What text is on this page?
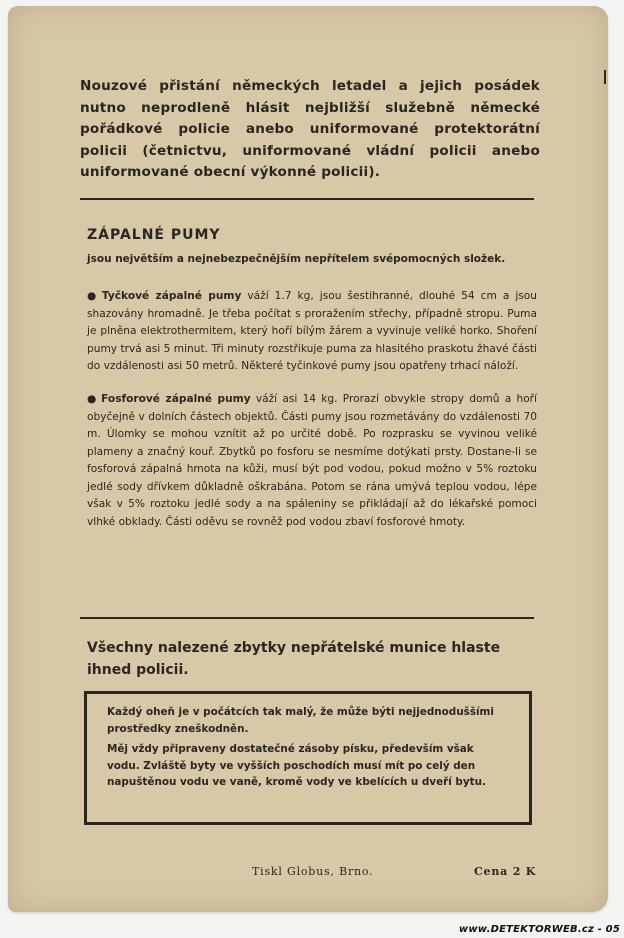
Nouzové přistání německých letadel a jejich posádek nutno neprodleně hlásit nejbližší služebně německé pořádkové policie anebo uniformované protektorátní policii (četnictvu, uniformované vládní policii anebo uniformované obecní výkonné policii).
ZÁPALNÉ PUMY
jsou největším a nejnebezpečnějším nepřítelem svépomocných složek.
● Tyčkové zápalné pumy váží 1.7 kg, jsou šestihranné, dlouhé 54 cm a jsou shazovány hromadně. Je třeba počítat s proražením střechy, případně stropu. Puma je plněna elektrothermitem, který hoří bílým žárem a vyvinuje veliké horko. Shoření pumy trvá asi 5 minut. Tři minuty rozstřikuje puma za hlasitého praskotu žhavé části do vzdálenosti asi 50 metrů. Některé tyčinkové pumy jsou opatřeny trhací náloží.
● Fosforové zápalné pumy váží asi 14 kg. Prorazí obvykle stropy domů a hoří obyčejně v dolních částech objektů. Části pumy jsou rozmetávány do vzdálenosti 70 m. Úlomky se mohou vznítit až po určité době. Po rozprasku se vyvinou veliké plameny a značný kouř. Zbytků po fosforu se nesmíme dotýkati prsty. Dostane-li se fosforová zápalná hmota na kůži, musí být pod vodou, pokud možno v 5% roztoku jedlé sody dřívkem důkladně oškrabána. Potom se rána umývá teplou vodou, lépe však v 5% roztoku jedlé sody a na spáleniny se přikládají až do lékařské pomoci vlhké obklady. Části oděvu se rovněž pod vodou zbaví fosforové hmoty.
Všechny nalezené zbytky nepřátelské munice hlaste ihned policii.

Každý oheň je v počátcích tak malý, že může býti nejjednoduššími prostředky zneškodněn.

Měj vždy připraveny dostatečné zásoby písku, především však vodu. Zvláště byty ve vyšších poschodích musí mít po celý den napuštěnou vodu ve vaně, kromě vody ve kbelících u dveří bytu.

Tiskl Globus, Brno.	Cena 2 K
www.DETEKTORWEB.cz - 05
